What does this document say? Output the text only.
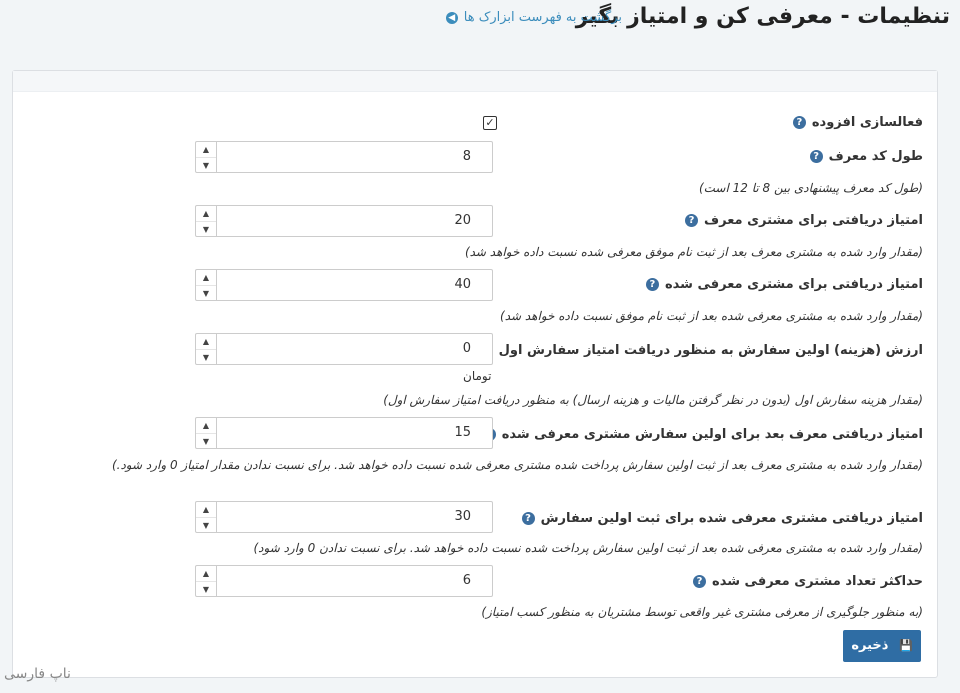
تنظیمات - معرفی کن و امتیاز بگیر
برگشت به فهرست ابزارک ها
◀
فعالسازی افزوده
?
✓
طول کد معرف
?
▲
▼
8
(طول کد معرف پیشنهادی بین 8 تا 12 است)
امتیاز دریافتی برای مشتری معرف
?
▲
▼
20
(مقدار وارد شده به مشتری معرف بعد از ثبت نام موفق معرفی شده نسبت داده خواهد شد)
امتیاز دریافتی برای مشتری معرفی شده
?
▲
▼
40
(مقدار وارد شده به مشتری معرفی شده بعد از ثبت نام موفق نسبت داده خواهد شد)
ارزش (هزینه) اولین سفارش به منظور دریافت امتیاز سفارش اول
▲
▼
0
تومان
(مقدار هزینه سفارش اول (بدون در نظر گرفتن مالیات و هزینه ارسال) به منظور دریافت امتیاز سفارش اول)
امتیاز دریافتی معرف بعد برای اولین سفارش مشتری معرفی شده
▲
▼
15
(مقدار وارد شده به مشتری معرف بعد از ثبت اولین سفارش پرداخت شده مشتری معرفی شده نسبت داده خواهد شد. برای نسبت ندادن مقدار امتیاز 0 وارد شود.)
امتیاز دریافتی مشتری معرفی شده برای ثبت اولین سفارش
?
▲
▼
30
(مقدار وارد شده به مشتری معرفی شده بعد از ثبت اولین سفارش پرداخت شده نسبت داده خواهد شد. برای نسبت ندادن 0 وارد شود)
حداکثر تعداد مشتری معرفی شده
?
▲
▼
6
(به منظور جلوگیری از معرفی مشتری غیر واقعی توسط مشتریان به منظور کسب امتیاز)
💾 ذخیره
ناپ فارسی
